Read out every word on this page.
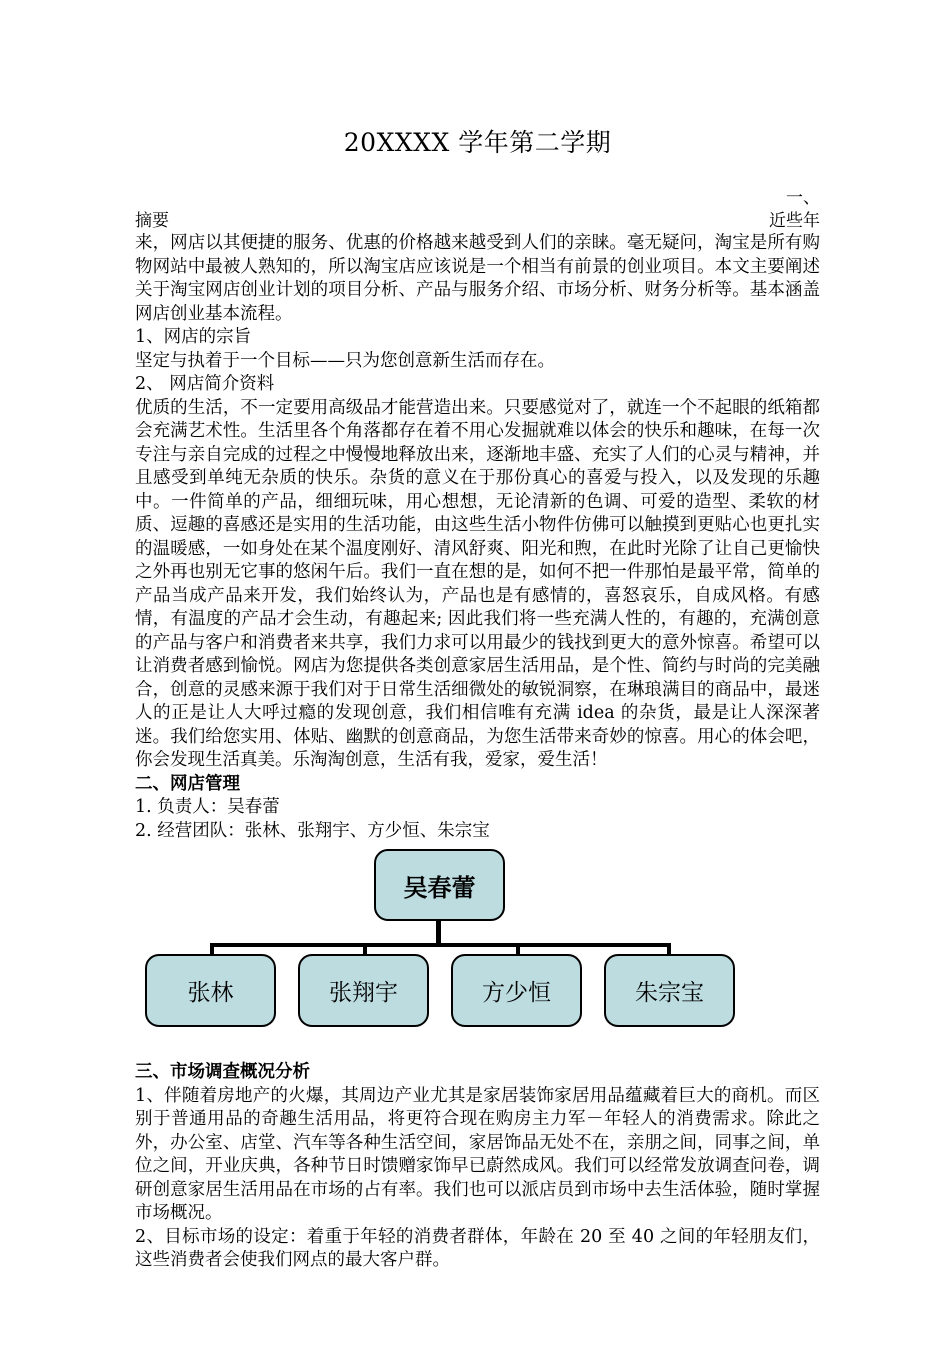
20XXXX 学年第二学期
一、
摘要	近些年

来，网店以其便捷的服务、优惠的价格越来越受到人们的亲睐。毫无疑问，淘宝是所有购物网站中最被人熟知的，所以淘宝店应该说是一个相当有前景的创业项目。本文主要阐述关于淘宝网店创业计划的项目分析、产品与服务介绍、市场分析、财务分析等。基本涵盖网店创业基本流程。

1、网店的宗旨

坚定与执着于一个目标——只为您创意新生活而存在。

2、 网店简介资料

优质的生活，不一定要用高级品才能营造出来。只要感觉对了，就连一个不起眼的纸箱都会充满艺术性。生活里各个角落都存在着不用心发掘就难以体会的快乐和趣味，在每一次专注与亲自完成的过程之中慢慢地释放出来，逐渐地丰盛、充实了人们的心灵与精神，并且感受到单纯无杂质的快乐。杂货的意义在于那份真心的喜爱与投入，以及发现的乐趣中。一件简单的产品，细细玩味，用心想想，无论清新的色调、可爱的造型、柔软的材质、逗趣的喜感还是实用的生活功能，由这些生活小物件仿佛可以触摸到更贴心也更扎实的温暖感，一如身处在某个温度刚好、清风舒爽、阳光和煦，在此时光除了让自己更愉快之外再也别无它事的悠闲午后。我们一直在想的是，如何不把一件那怕是最平常，简单的产品当成产品来开发，我们始终认为，产品也是有感情的，喜怒哀乐，自成风格。有感情，有温度的产品才会生动，有趣起来; 因此我们将一些充满人性的，有趣的，充满创意的产品与客户和消费者来共享，我们力求可以用最少的钱找到更大的意外惊喜。希望可以让消费者感到愉悦。网店为您提供各类创意家居生活用品，是个性、简约与时尚的完美融合，创意的灵感来源于我们对于日常生活细微处的敏锐洞察，在琳琅满目的商品中，最迷人的正是让人大呼过瘾的发现创意，我们相信唯有充满 idea 的杂货，最是让人深深著迷。我们给您实用、体贴、幽默的创意商品，为您生活带来奇妙的惊喜。用心的体会吧，你会发现生活真美。乐淘淘创意，生活有我，爱家，爱生活！

二、网店管理

1. 负责人：吴春蕾

2. 经营团队：张林、张翔宇、方少恒、朱宗宝

吴春蕾
张林	张翔宇	方少恒	朱宗宝

三、市场调查概况分析

1、伴随着房地产的火爆，其周边产业尤其是家居装饰家居用品蕴藏着巨大的商机。而区别于普通用品的奇趣生活用品，将更符合现在购房主力军－年轻人的消费需求。除此之外，办公室、店堂、汽车等各种生活空间，家居饰品无处不在，亲朋之间，同事之间，单位之间，开业庆典，各种节日时馈赠家饰早已蔚然成风。我们可以经常发放调查问卷，调研创意家居生活用品在市场的占有率。我们也可以派店员到市场中去生活体验，随时掌握市场概况。

2、目标市场的设定：着重于年轻的消费者群体，年龄在 20 至 40 之间的年轻朋友们，这些消费者会使我们网点的最大客户群。
